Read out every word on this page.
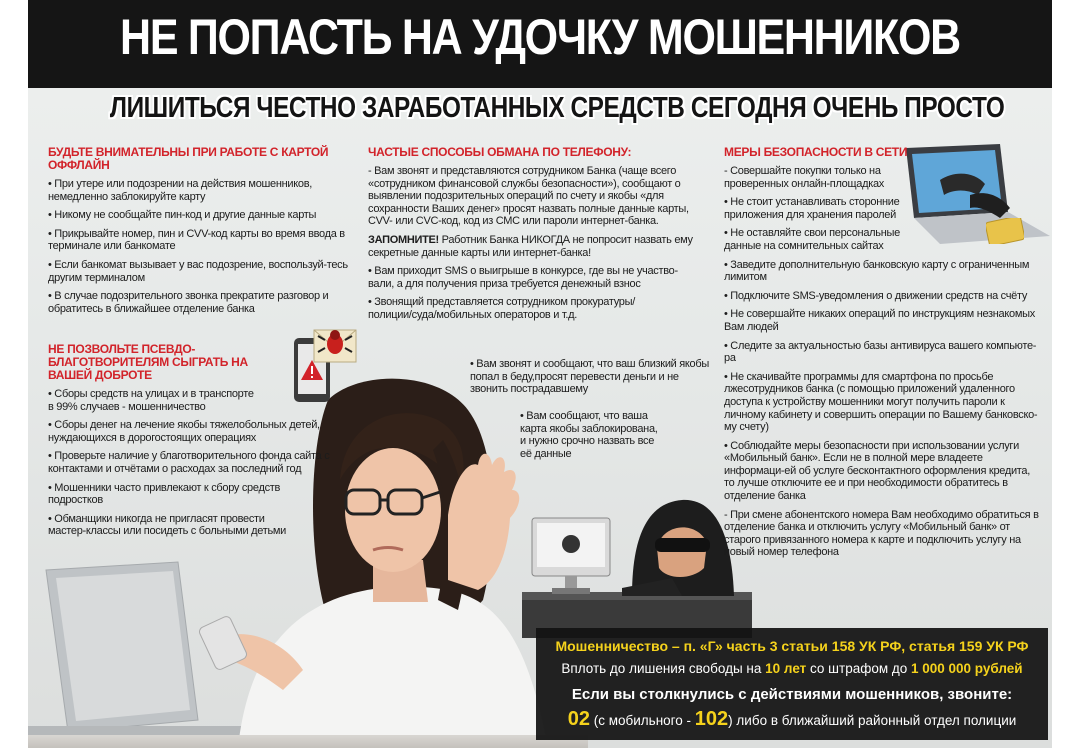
НЕ ПОПАСТЬ НА УДОЧКУ МОШЕННИКОВ
ЛИШИТЬСЯ ЧЕСТНО ЗАРАБОТАННЫХ СРЕДСТВ СЕГОДНЯ ОЧЕНЬ ПРОСТО
БУДЬТЕ ВНИМАТЕЛЬНЫ ПРИ РАБОТЕ С КАРТОЙ ОФФЛАЙН
• При утере или подозрении на действия мошенников, немедленно заблокируйте карту
• Никому не сообщайте пин-код и другие данные карты
• Прикрывайте номер, пин и CVV-код карты во время ввода в терминале или банкомате
• Если банкомат вызывает у вас подозрение, воспользуй-тесь другим терминалом
• В случае подозрительного звонка прекратите разговор и обратитесь в ближайшее отделение банка
НЕ ПОЗВОЛЬТЕ ПСЕВДО-БЛАГОТВОРИТЕЛЯМ СЫГРАТЬ НА ВАШЕЙ ДОБРОТЕ
• Сборы средств на улицах и в транспорте в 99% случаев - мошенничество
• Сборы денег на лечение якобы тяжелобольных детей, нуждающихся в дорогостоящих операциях
• Проверьте наличие у благотворительного фонда сайта с контактами и отчётами о расходах за последний год
• Мошенники часто привлекают к сбору средств подростков
• Обманщики никогда не пригласят провести мастер-классы или посидеть с больными детьми
ЧАСТЫЕ СПОСОБЫ ОБМАНА ПО ТЕЛЕФОНУ:
- Вам звонят и представляются сотрудником Банка (чаще всего «сотрудником финансовой службы безопасности»), сообщают о выявлении подозрительных операций по счету и якобы «для сохранности Ваших денег» просят назвать полные данные карты, CVV- или CVC-код, код из СМС или пароли интернет-банка.
ЗАПОМНИТЕ! Работник Банка НИКОГДА не попросит назвать ему секретные данные карты или интернет-банка!
• Вам приходит SMS о выигрыше в конкурсе, где вы не участво-вали, а для получения приза требуется денежный взнос
• Звонящий представляется сотрудником прокуратуры/ полиции/суда/мобильных операторов и т.д.
• Вам звонят и сообщают, что ваш близкий якобы попал в беду,просят перевести деньги и не звонить пострадавшему
• Вам сообщают, что ваша карта якобы заблокирована, и нужно срочно назвать все её данные
МЕРЫ БЕЗОПАСНОСТИ В СЕТИ
- Совершайте покупки только на проверенных онлайн-площадках
• Не стоит устанавливать сторонние приложения для хранения паролей
• Не оставляйте свои персональные данные на сомнительных сайтах
• Заведите дополнительную банковскую карту с ограниченным лимитом
• Подключите SMS-уведомления о движении средств на счёту
• Не совершайте никаких операций по инструкциям незнакомых Вам людей
• Следите за актуальностью базы антивируса вашего компьюте-ра
• Не скачивайте программы для смартфона по просьбе лжесотрудников банка (с помощью приложений удаленного доступа к устройству мошенники могут получить пароли к личному кабинету и совершить операции по Вашему банковско-му счету)
• Соблюдайте меры безопасности при использовании услуги «Мобильный банк». Если не в полной мере владеете информаци-ей об услуге бесконтактного оформления кредита, то лучше отключите ее и при необходимости обратитесь в отделение банка
- При смене абонентского номера Вам необходимо обратиться в отделение банка и отключить услугу «Мобильный банк» от старого привязанного номера к карте и подключить услугу на новый номер телефона
Мошенничество – п. «Г» часть 3 статьи 158 УК РФ, статья 159 УК РФ
Вплоть до лишения свободы на 10 лет со штрафом до 1 000 000 рублей
Если вы столкнулись с действиями мошенников, звоните:
02 (с мобильного - 102) либо в ближайший районный отдел полиции
